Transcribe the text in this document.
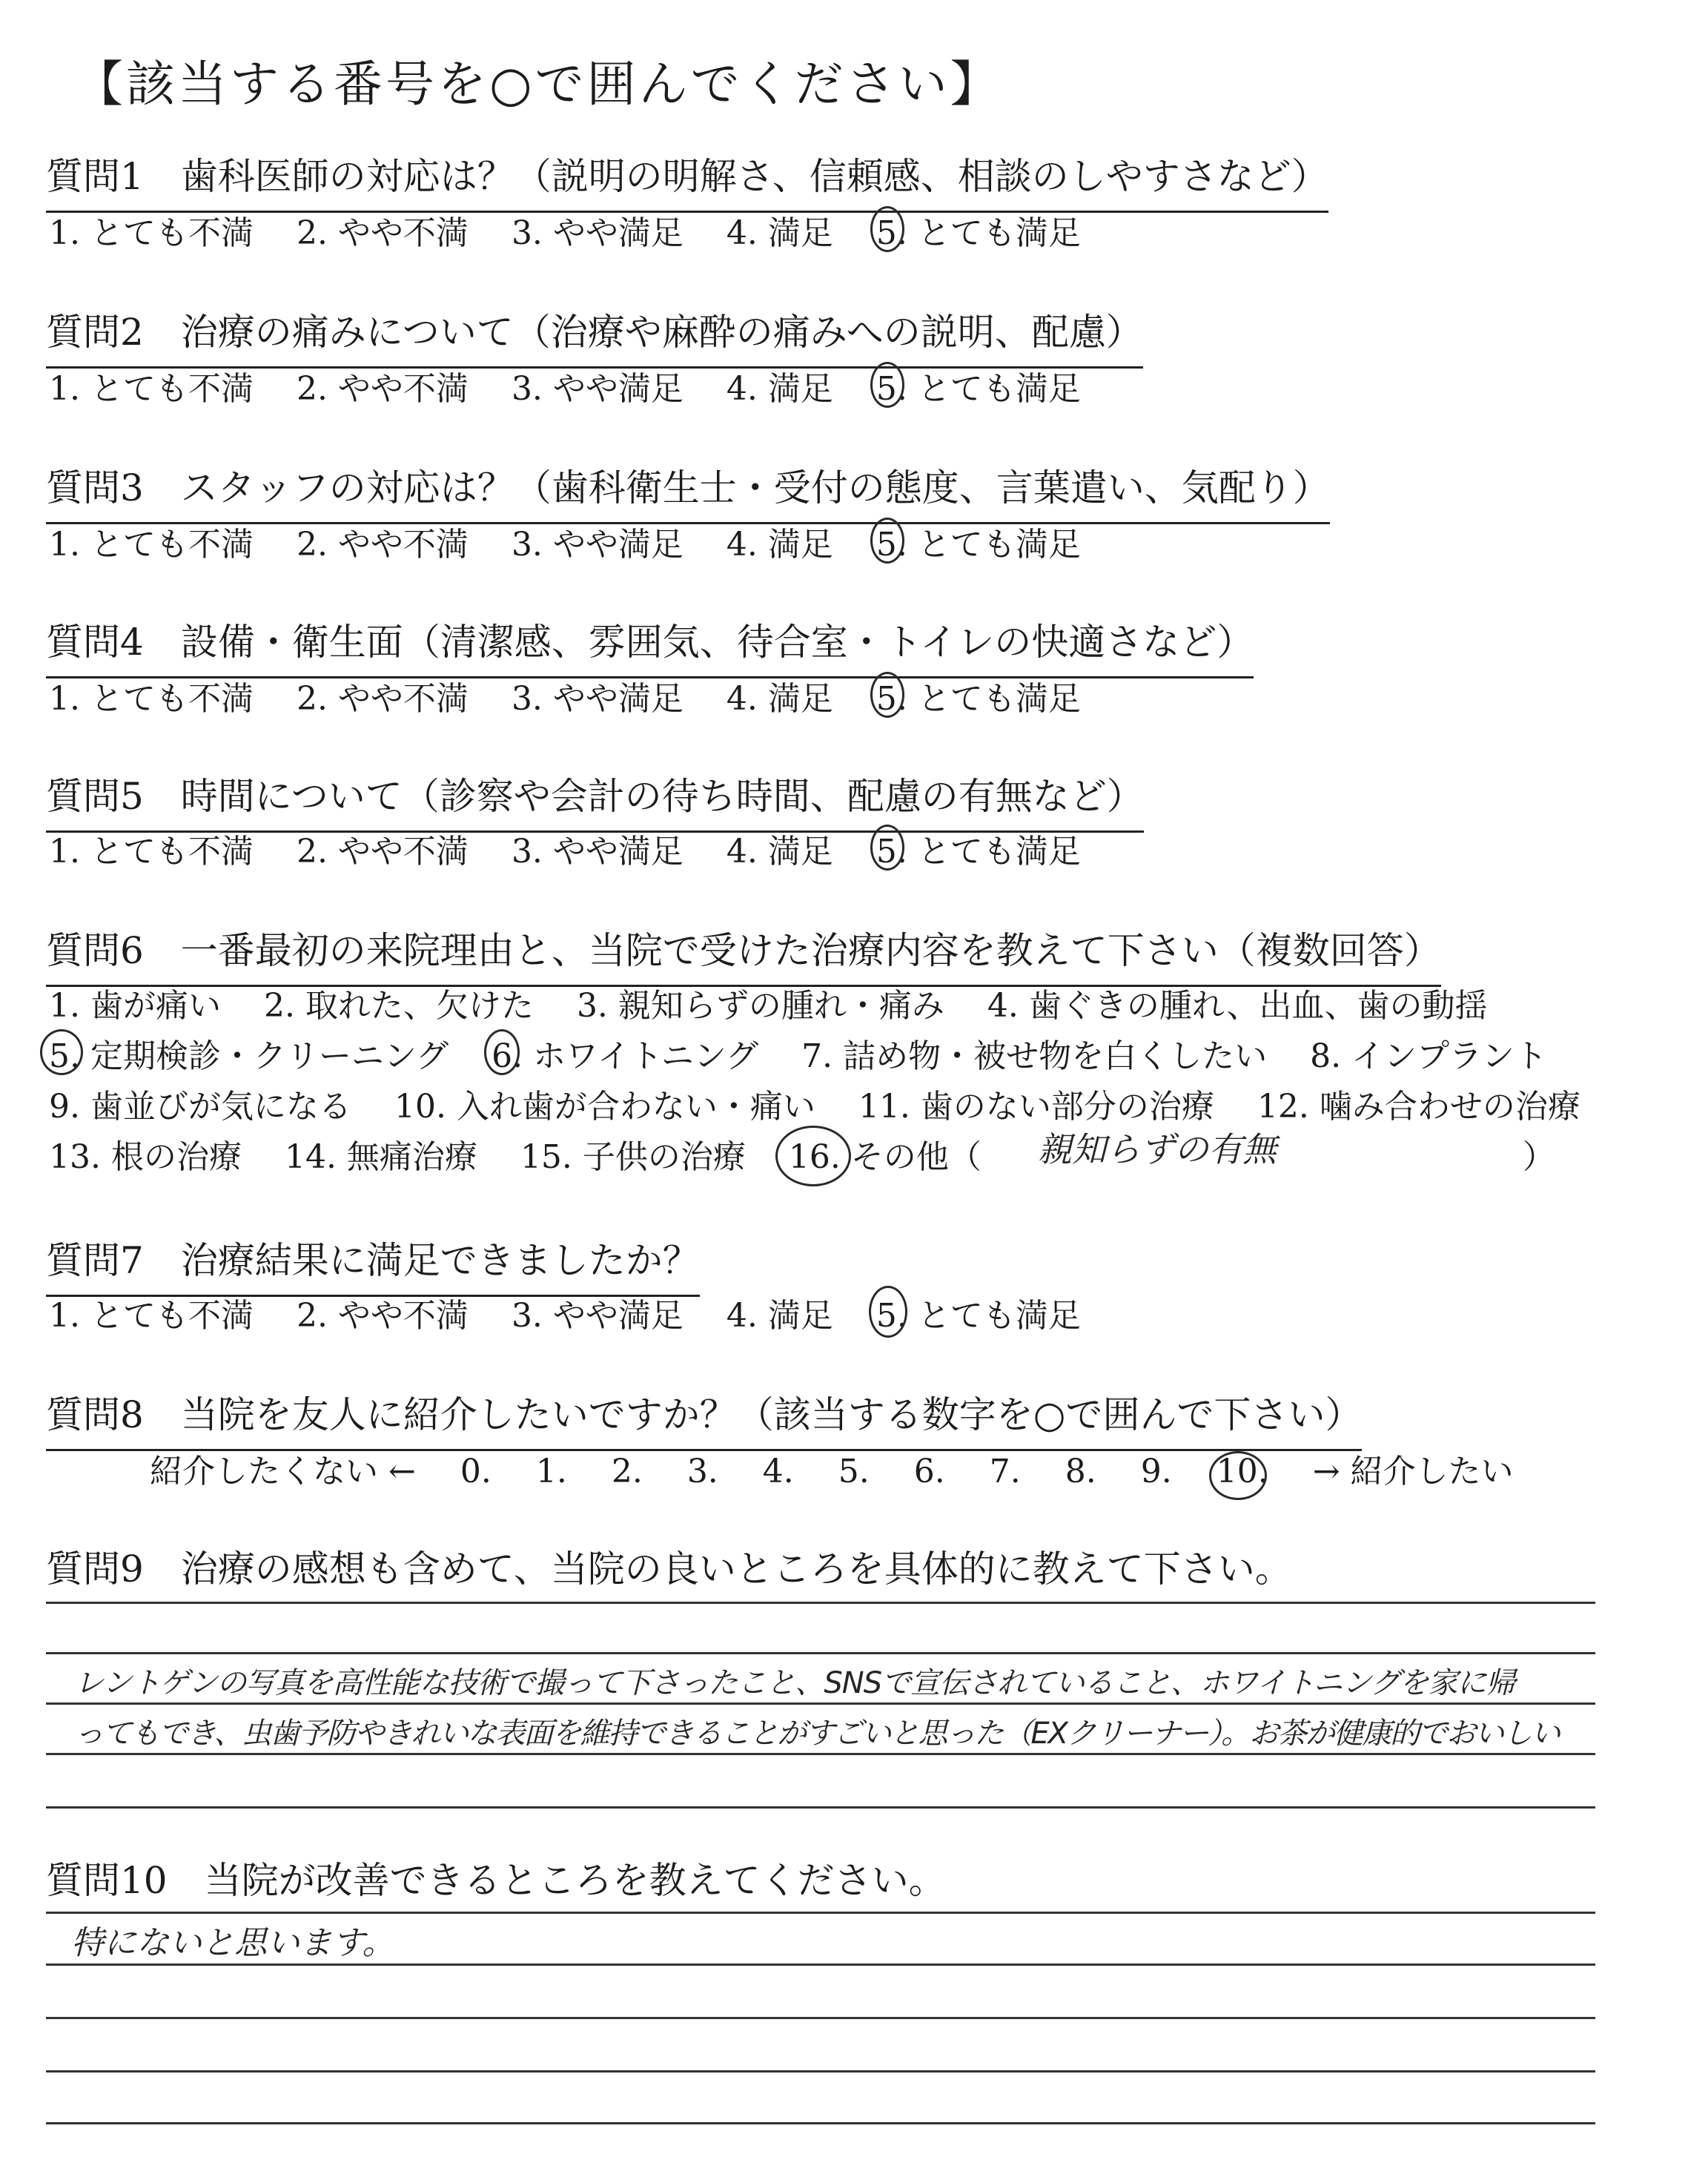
【該当する番号を○で囲んでください】
質問1　歯科医師の対応は？（説明の明解さ、信頼感、相談のしやすさなど）
1. とても不満 2. やや不満 3. やや満足 4. 満足 5. とても満足
質問2　治療の痛みについて（治療や麻酔の痛みへの説明、配慮）
1. とても不満 2. やや不満 3. やや満足 4. 満足 5. とても満足
質問3　スタッフの対応は？（歯科衛生士・受付の態度、言葉遣い、気配り）
1. とても不満 2. やや不満 3. やや満足 4. 満足 5. とても満足
質問4　設備・衛生面（清潔感、雰囲気、待合室・トイレの快適さなど）
1. とても不満 2. やや不満 3. やや満足 4. 満足 5. とても満足
質問5　時間について（診察や会計の待ち時間、配慮の有無など）
1. とても不満 2. やや不満 3. やや満足 4. 満足 5. とても満足
質問6　一番最初の来院理由と、当院で受けた治療内容を教えて下さい（複数回答）
1. 歯が痛い 2. 取れた、欠けた 3. 親知らずの腫れ・痛み 4. 歯ぐきの腫れ、出血、歯の動揺
5. 定期検診・クリーニング 6. ホワイトニング 7. 詰め物・被せ物を白くしたい 8. インプラント
9. 歯並びが気になる 10. 入れ歯が合わない・痛い 11. 歯のない部分の治療 12. 噛み合わせの治療
13. 根の治療 14. 無痛治療 15. 子供の治療 16. その他（	）
親知らずの有無
質問7　治療結果に満足できましたか？
1. とても不満 2. やや不満 3. やや満足 4. 満足 5. とても満足
質問8　当院を友人に紹介したいですか？（該当する数字を○で囲んで下さい）
紹介したくない ← 0. 1. 2. 3. 4. 5. 6. 7. 8. 9. 10. → 紹介したい
質問9　治療の感想も含めて、当院の良いところを具体的に教えて下さい。
レントゲンの写真を高性能な技術で撮って下さったこと、SNSで宣伝されていること、ホワイトニングを家に帰
ってもでき、虫歯予防やきれいな表面を維持できることがすごいと思った（EXクリーナー）。お茶が健康的でおいしい
質問10　当院が改善できるところを教えてください。
特にないと思います。
